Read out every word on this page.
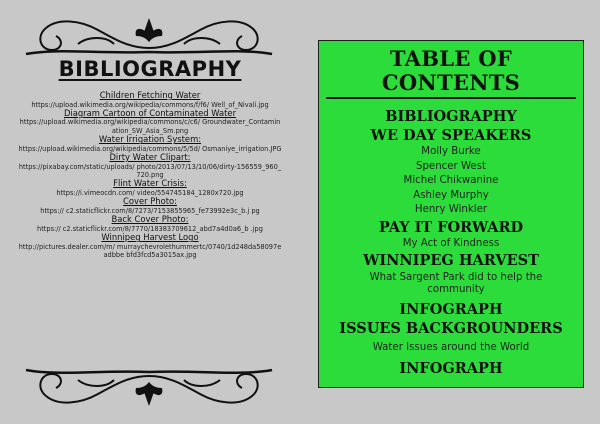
BIBLIOGRAPHY
Children Fetching Water
https://upload.wikimedia.org/wikipedia/commons/f/f6/ Well_of_Nivali.jpg
Diagram Cartoon of Contaminated Water
https://upload.wikimedia.org/wikipedia/commons/c/c6/ Groundwater_Contamination_SW_Asia_Sm.png
Water Irrigation System:
https://upload.wikimedia.org/wikipedia/commons/5/5d/ Osmaniye_irrigation.JPG
Dirty Water Clipart:
https://pixabay.com/static/uploads/ photo/2013/07/13/10/06/dirty-156559_960_720.png
Flint Water Crisis:
https://i.vimeocdn.com/ video/554745184_1280x720.jpg
Cover Photo:
https:// c2.staticflickr.com/8/7273/7153855965_fe73992e3c_b.j pg
Back Cover Photo:
https:// c2.staticflickr.com/8/7770/18383709612_abd7a4d0a6_b .jpg
Winnipeg Harvest Logo
http://pictures.dealer.com/m/ murraychevrolethummertc/0740/1d248da58097eadbbe bfd3fcd5a3015ax.jpg
TABLE OF CONTENTS
BIBLIOGRAPHY
WE DAY SPEAKERS
Molly Burke
Spencer West
Michel Chikwanine
Ashley Murphy
Henry Winkler
PAY IT FORWARD
My Act of Kindness
WINNIPEG HARVEST
What Sargent Park did to help the community
INFOGRAPH
ISSUES BACKGROUNDERS
Water Issues around the World
INFOGRAPH
